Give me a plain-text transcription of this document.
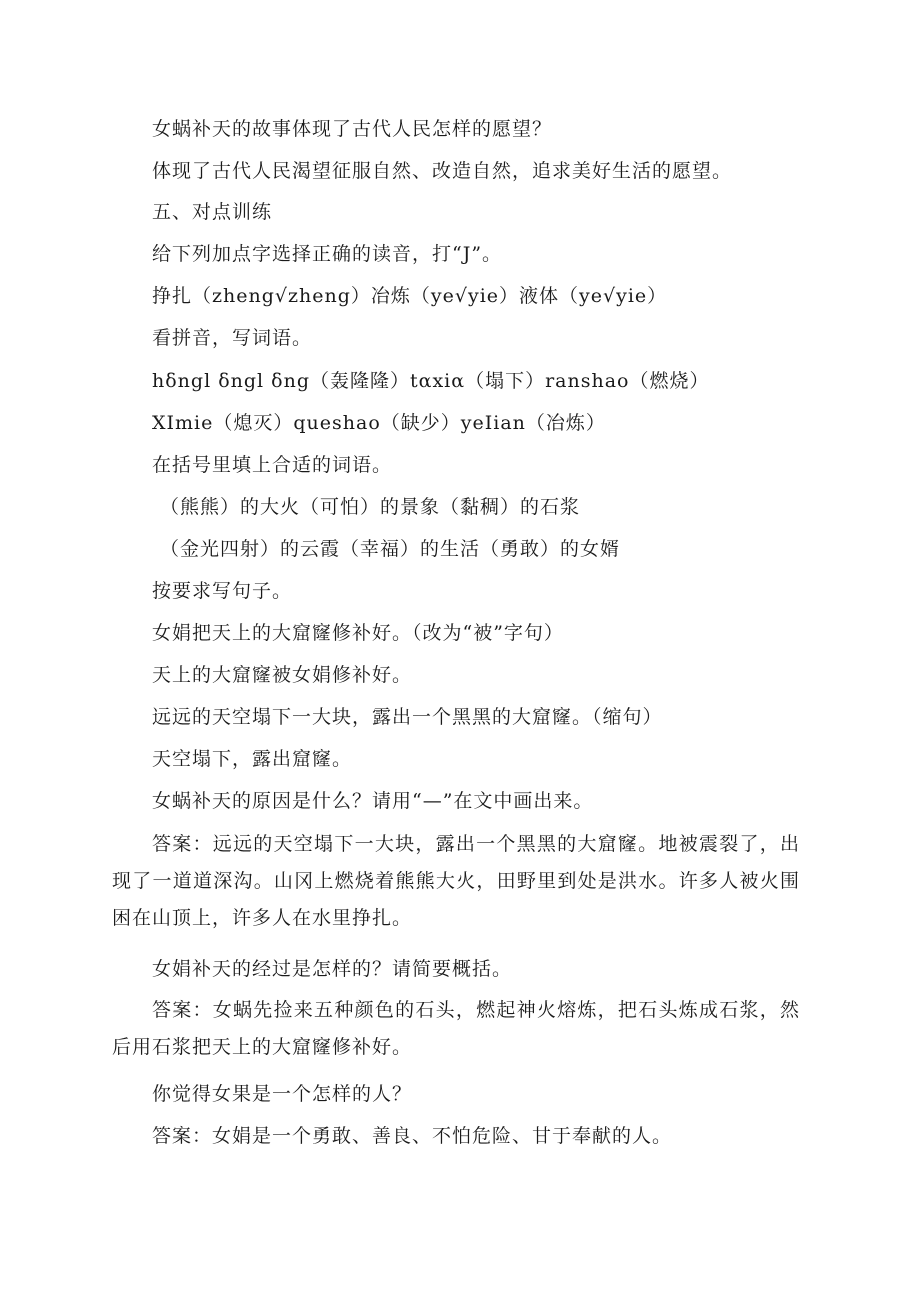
女蜗补天的故事体现了古代人民怎样的愿望？
体现了古代人民渴望征服自然、改造自然，追求美好生活的愿望。
五、对点训练
给下列加点字选择正确的读音，打“J”。
挣扎（zheng√zheng）冶炼（ye√yie）液体（ye√yie）
看拼音，写词语。
hδngl δngl δng（轰隆隆）tαxiα（塌下）ranshao（燃烧）
XImie（熄灭）queshao（缺少）yeIian（冶炼）
在括号里填上合适的词语。
（熊熊）的大火（可怕）的景象（黏稠）的石浆
（金光四射）的云霞（幸福）的生活（勇敢）的女婿
按要求写句子。
女娟把天上的大窟窿修补好。（改为“被”字句）
天上的大窟窿被女娟修补好。
远远的天空塌下一大块，露出一个黑黑的大窟窿。（缩句）
天空塌下，露出窟窿。
女蜗补天的原因是什么？请用“—”在文中画出来。
答案：远远的天空塌下一大块，露出一个黑黑的大窟窿。地被震裂了，出现了一道道深沟。山冈上燃烧着熊熊大火，田野里到处是洪水。许多人被火围困在山顶上，许多人在水里挣扎。
女娟补天的经过是怎样的？请简要概括。
答案：女蜗先捡来五种颜色的石头，燃起神火熔炼，把石头炼成石浆，然后用石浆把天上的大窟窿修补好。
你觉得女果是一个怎样的人？
答案：女娟是一个勇敢、善良、不怕危险、甘于奉献的人。
